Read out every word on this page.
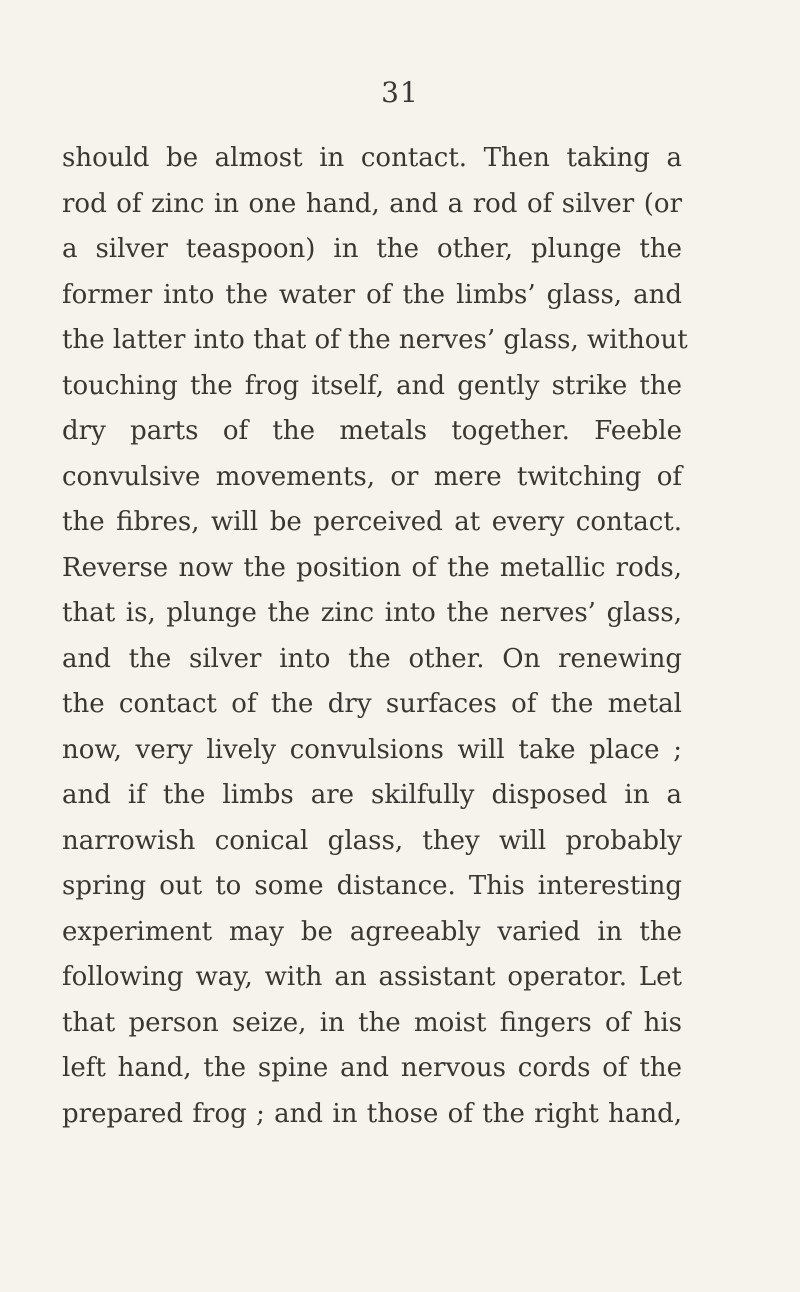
31
should be almost in contact. Then taking a
rod of zinc in one hand, and a rod of silver (or
a silver teaspoon) in the other, plunge the
former into the water of the limbs’ glass, and
the latter into that of the nerves’ glass, without
touching the frog itself, and gently strike the
dry parts of the metals together. Feeble
convulsive movements, or mere twitching of
the fibres, will be perceived at every contact.
Reverse now the position of the metallic rods,
that is, plunge the zinc into the nerves’ glass,
and the silver into the other. On renewing
the contact of the dry surfaces of the metal
now, very lively convulsions will take place ;
and if the limbs are skilfully disposed in a
narrowish conical glass, they will probably
spring out to some distance. This interesting
experiment may be agreeably varied in the
following way, with an assistant operator. Let
that person seize, in the moist fingers of his
left hand, the spine and nervous cords of the
prepared frog ; and in those of the right hand,
